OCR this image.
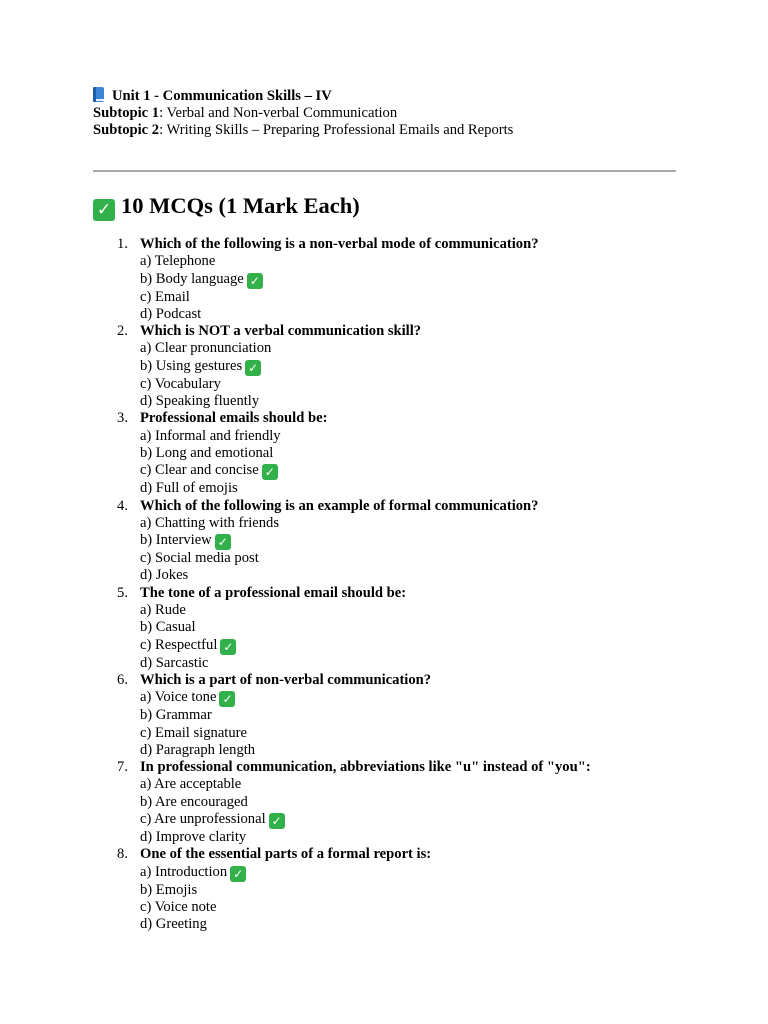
Unit 1 - Communication Skills – IV
Subtopic 1: Verbal and Non-verbal Communication
Subtopic 2: Writing Skills – Preparing Professional Emails and Reports
✓ 10 MCQs (1 Mark Each)
1 . Which of the following is a non-verbal mode of communication?
a) Telephone
b) Body language ✓
c) Email
d) Podcast
2 . Which is NOT a verbal communication skill?
a) Clear pronunciation
b) Using gestures ✓
c) Vocabulary
d) Speaking fluently
3 . Professional emails should be:
a) Informal and friendly
b) Long and emotional
c) Clear and concise ✓
d) Full of emojis
4 . Which of the following is an example of formal communication?
a) Chatting with friends
b) Interview ✓
c) Social media post
d) Jokes
5 . The tone of a professional email should be:
a) Rude
b) Casual
c) Respectful ✓
d) Sarcastic
6 . Which is a part of non-verbal communication?
a) Voice tone ✓
b) Grammar
c) Email signature
d) Paragraph length
7 . In professional communication, abbreviations like "u" instead of "you":
a) Are acceptable
b) Are encouraged
c) Are unprofessional ✓
d) Improve clarity
8 . One of the essential parts of a formal report is:
a) Introduction ✓
b) Emojis
c) Voice note
d) Greeting
